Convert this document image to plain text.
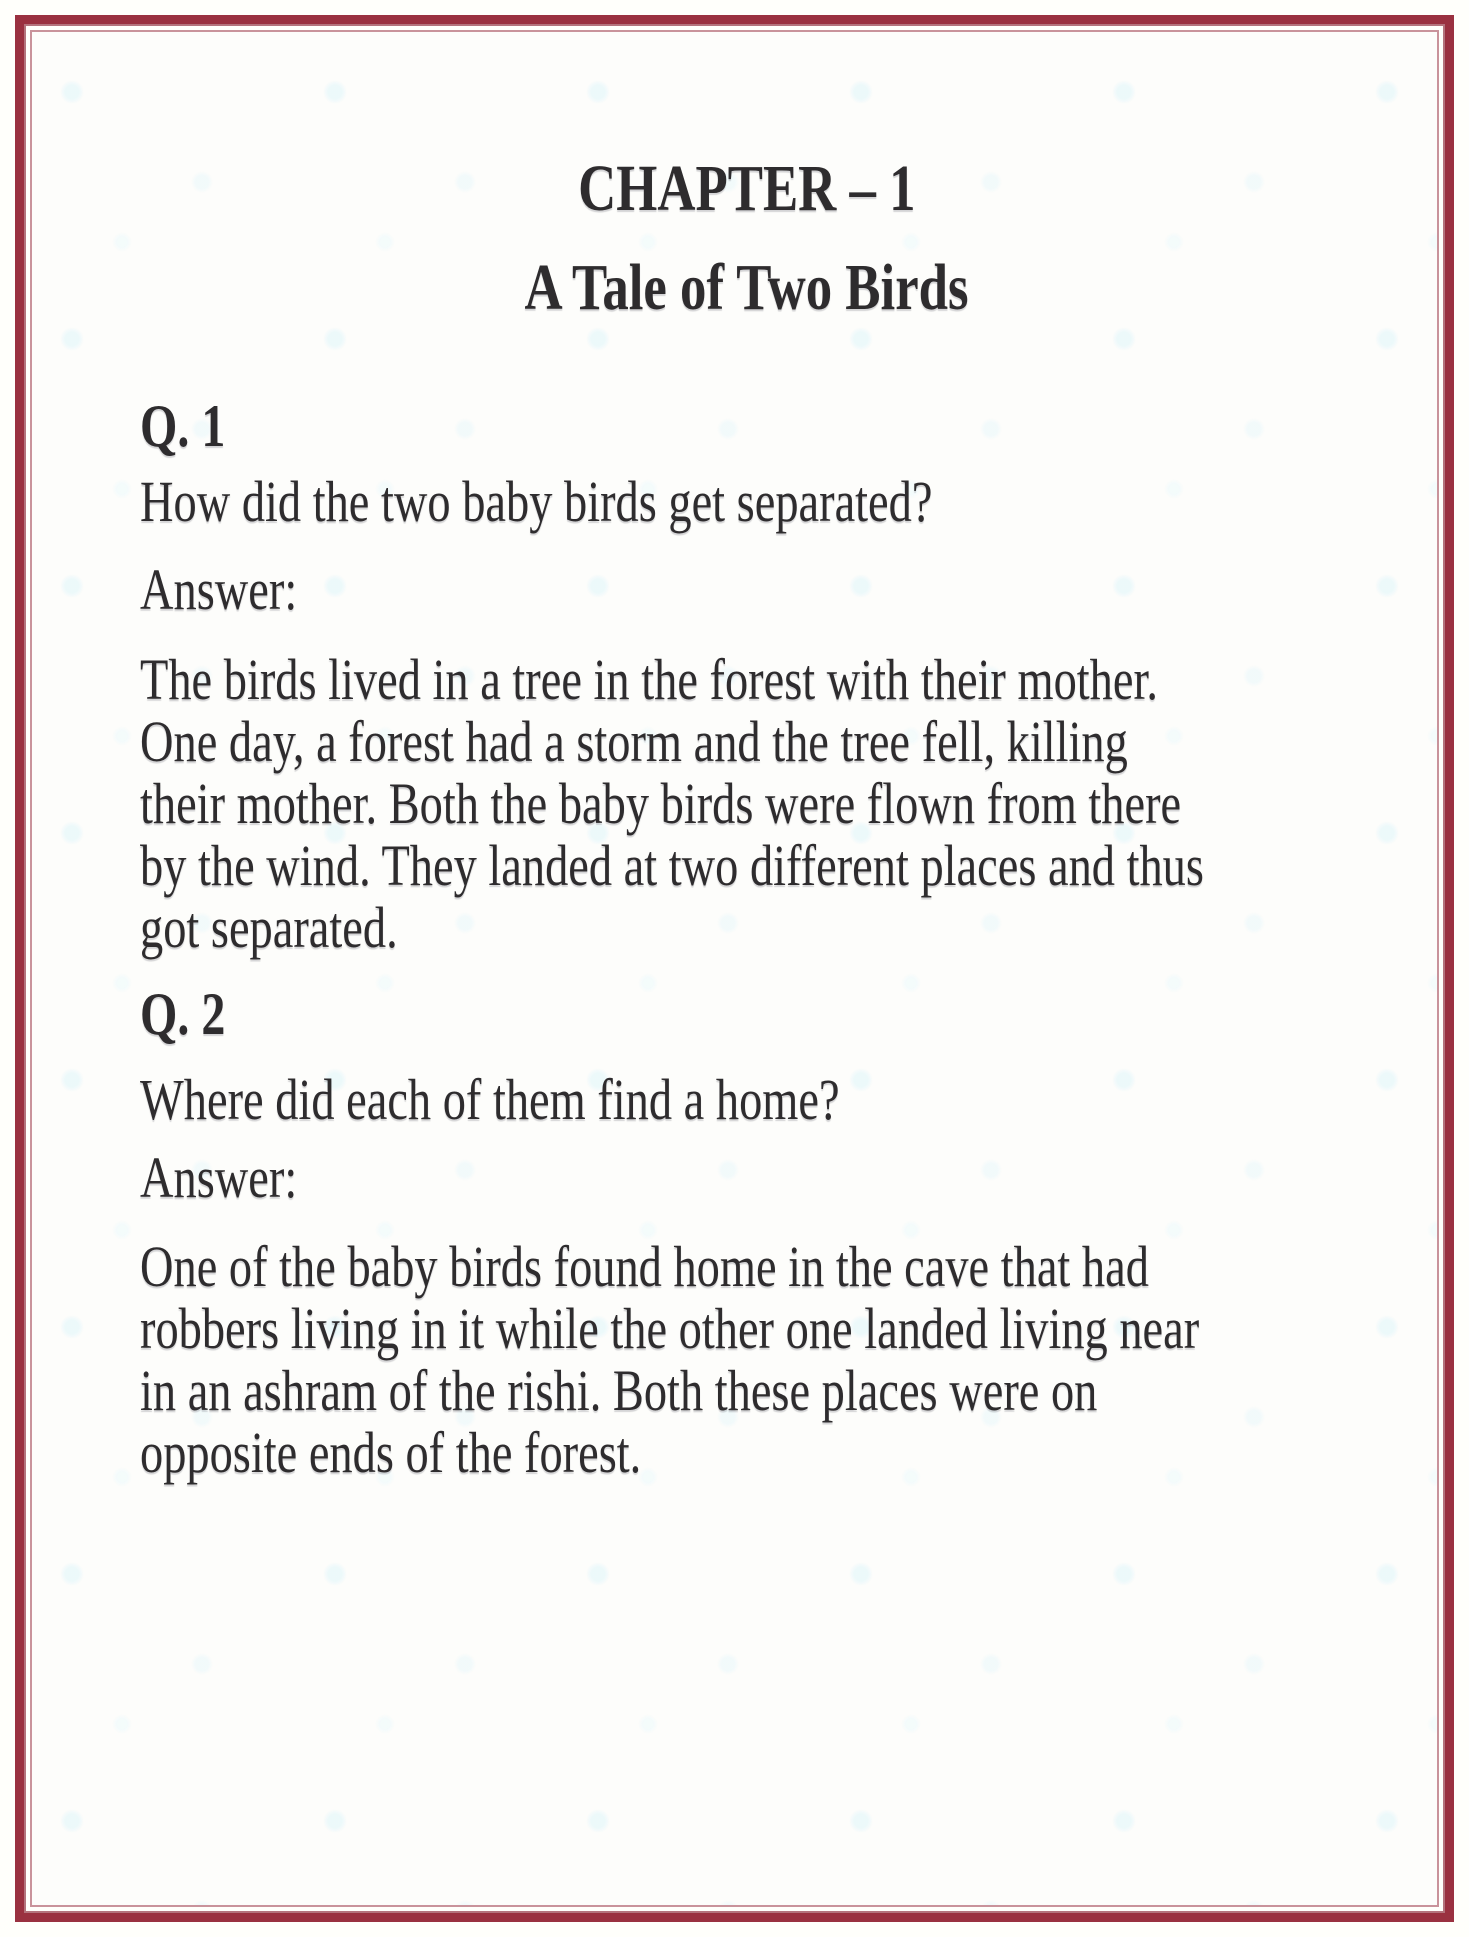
CHAPTER – 1
A Tale of Two Birds
Q. 1
How did the two baby birds get separated?
Answer:
The birds lived in a tree in the forest with their mother.
One day, a forest had a storm and the tree fell, killing
their mother. Both the baby birds were flown from there
by the wind. They landed at two different places and thus
got separated.
Q. 2
Where did each of them find a home?
Answer:
One of the baby birds found home in the cave that had
robbers living in it while the other one landed living near
in an ashram of the rishi. Both these places were on
opposite ends of the forest.
